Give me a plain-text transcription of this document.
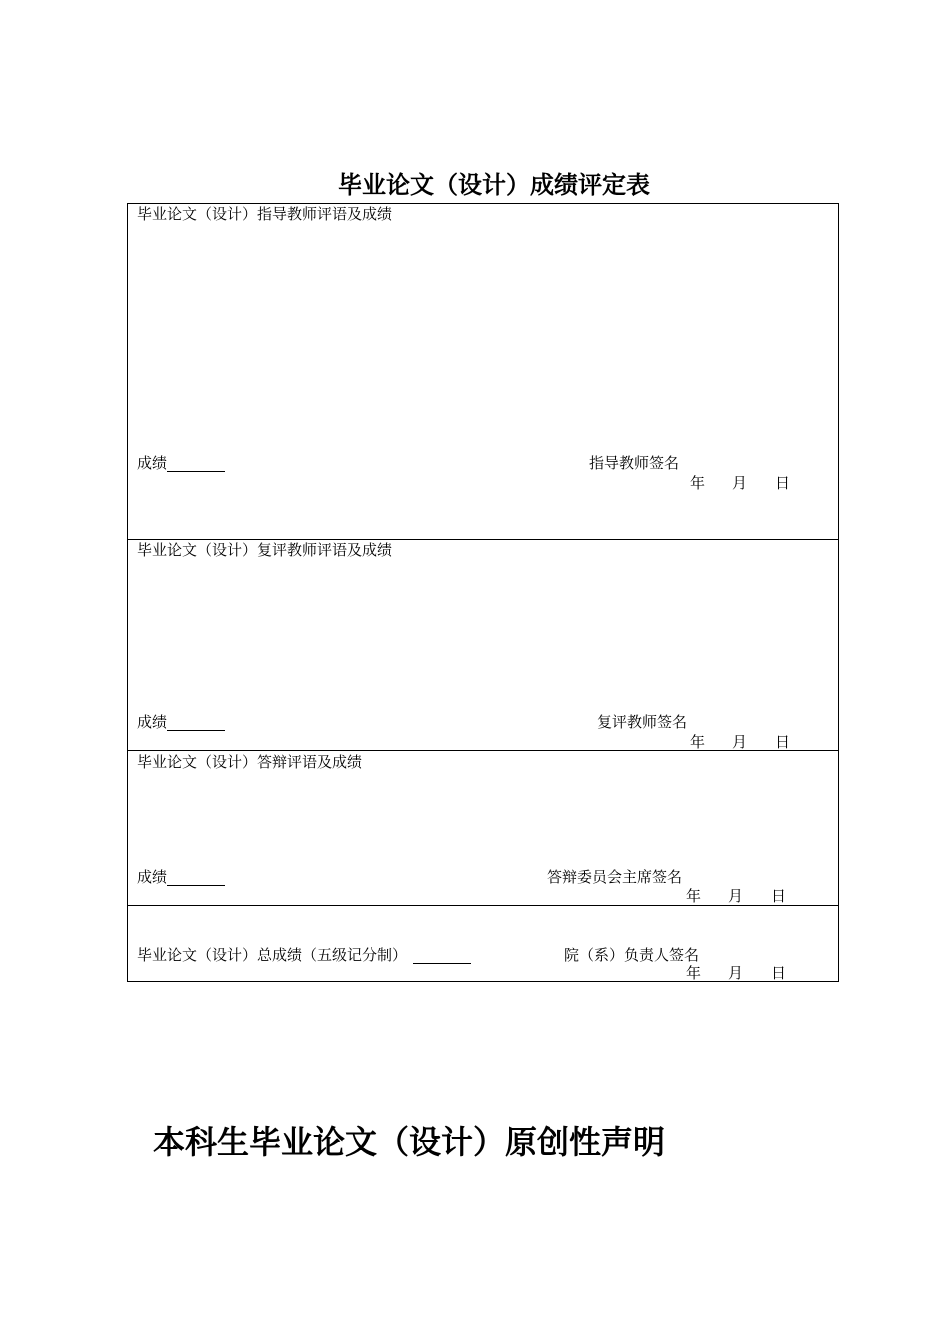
毕业论文（设计）成绩评定表
毕业论文（设计）指导教师评语及成绩
成绩	指导教师签名
年 月 日
毕业论文（设计）复评教师评语及成绩
成绩	复评教师签名
年 月 日
毕业论文（设计）答辩评语及成绩
成绩	答辩委员会主席签名
年 月 日
毕业论文（设计）总成绩（五级记分制）	院（系）负责人签名
年 月 日
本科生毕业论文（设计）原创性声明
